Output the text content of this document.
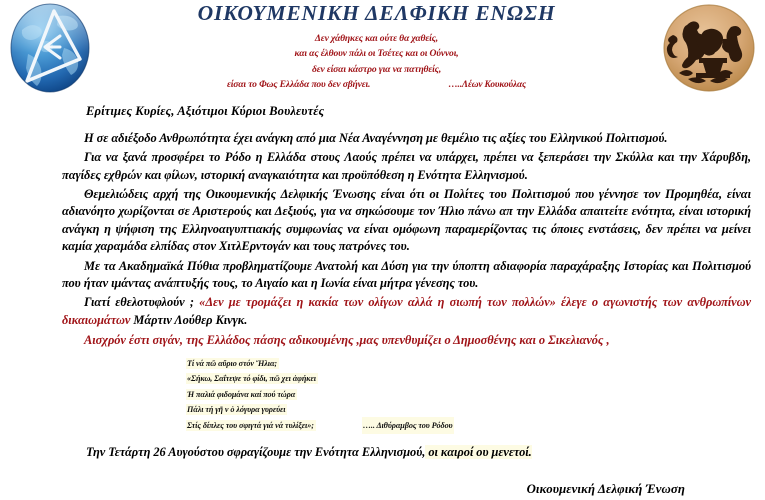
ΟΙΚΟΥΜΕΝΙΚΗ ΔΕΛΦΙΚΗ ΕΝΩΣΗ
Δεν χάθηκες και ούτε θα χαθείς,
και ας έλθουν πάλι οι Τσέτες και οι Ούννοι,
δεν είσαι κάστρο για να πατηθείς,
είσαι το Φως Ελλάδα που δεν σβήνει.	…..Λέων Κουκούλας
Ερίτιμες Κυρίες, Αξιότιμοι Κύριοι Βουλευτές
Η σε αδιέξοδο Ανθρωπότητα έχει ανάγκη από μια Νέα Αναγέννηση με θεμέλιο τις αξίες του Ελληνικού Πολιτισμού.
Για να ξανά προσφέρει το Ρόδο η Ελλάδα στους Λαούς πρέπει να υπάρχει, πρέπει να ξεπεράσει την Σκύλλα και την Χάρυβδη, παγίδες εχθρών και φίλων, ιστορική αναγκαιότητα και προϋπόθεση η Ενότητα Ελληνισμού.
Θεμελιώδεις αρχή της Οικουμενικής Δελφικής Ένωσης είναι ότι οι Πολίτες του Πολιτισμού που γέννησε τον Προμηθέα, είναι αδιανόητο χωρίζονται σε Αριστερούς και Δεξιούς, για να σηκώσουμε τον Ήλιο πάνω απ την Ελλάδα απαιτείτε ενότητα, είναι ιστορική ανάγκη η ψήφιση της Ελληνοαιγυπτιακής συμφωνίας να είναι ομόφωνη παραμερίζοντας τις όποιες ενστάσεις, δεν πρέπει να μείνει καμία χαραμάδα ελπίδας στον ΧιτλΕρντογάν και τους πατρόνες του.
Με τα Ακαδημαϊκά Πύθια προβληματίζουμε Ανατολή και Δύση για την ύποπτη αδιαφορία παραχάραξης Ιστορίας και Πολιτισμού που ήταν ιμάντας ανάπτυξής τους, το Αιγαίο και η Ιωνία είναι μήτρα γένεσης του.
Γιατί εθελοτυφλούν ; «Δεν με τρομάζει η κακία των ολίγων αλλά η σιωπή των πολλών» έλεγε ο αγωνιστής των ανθρωπίνων δικαιωμάτων Μάρτιν Λούθερ Κινγκ.
Αισχρόν έστι σιγάν, της Ελλάδος πάσης αδικουμένης ,μας υπενθυμίζει ο Δημοσθένης και ο Σικελιανός ,
Τί νά πῶ αὔριο στόν Ἥλια;
«Σήκω, Σαΐτεψε τό φίδι, πῶ χει ἀφήκει
Ἡ παλιά φιδομάνα καί πού τώρα
Πάλι τή γῆ ν ὁ λόγυρα γυρεύει
Στίς δίπλες του σφιγτά γιά νά τυλίξει»;	….. Διθύραμβος του Ρόδου
Την Τετάρτη 26 Αυγούστου σφραγίζουμε την Ενότητα Ελληνισμού, οι καιροί ου μενετοί.
Οικουμενική Δελφική Ένωση
